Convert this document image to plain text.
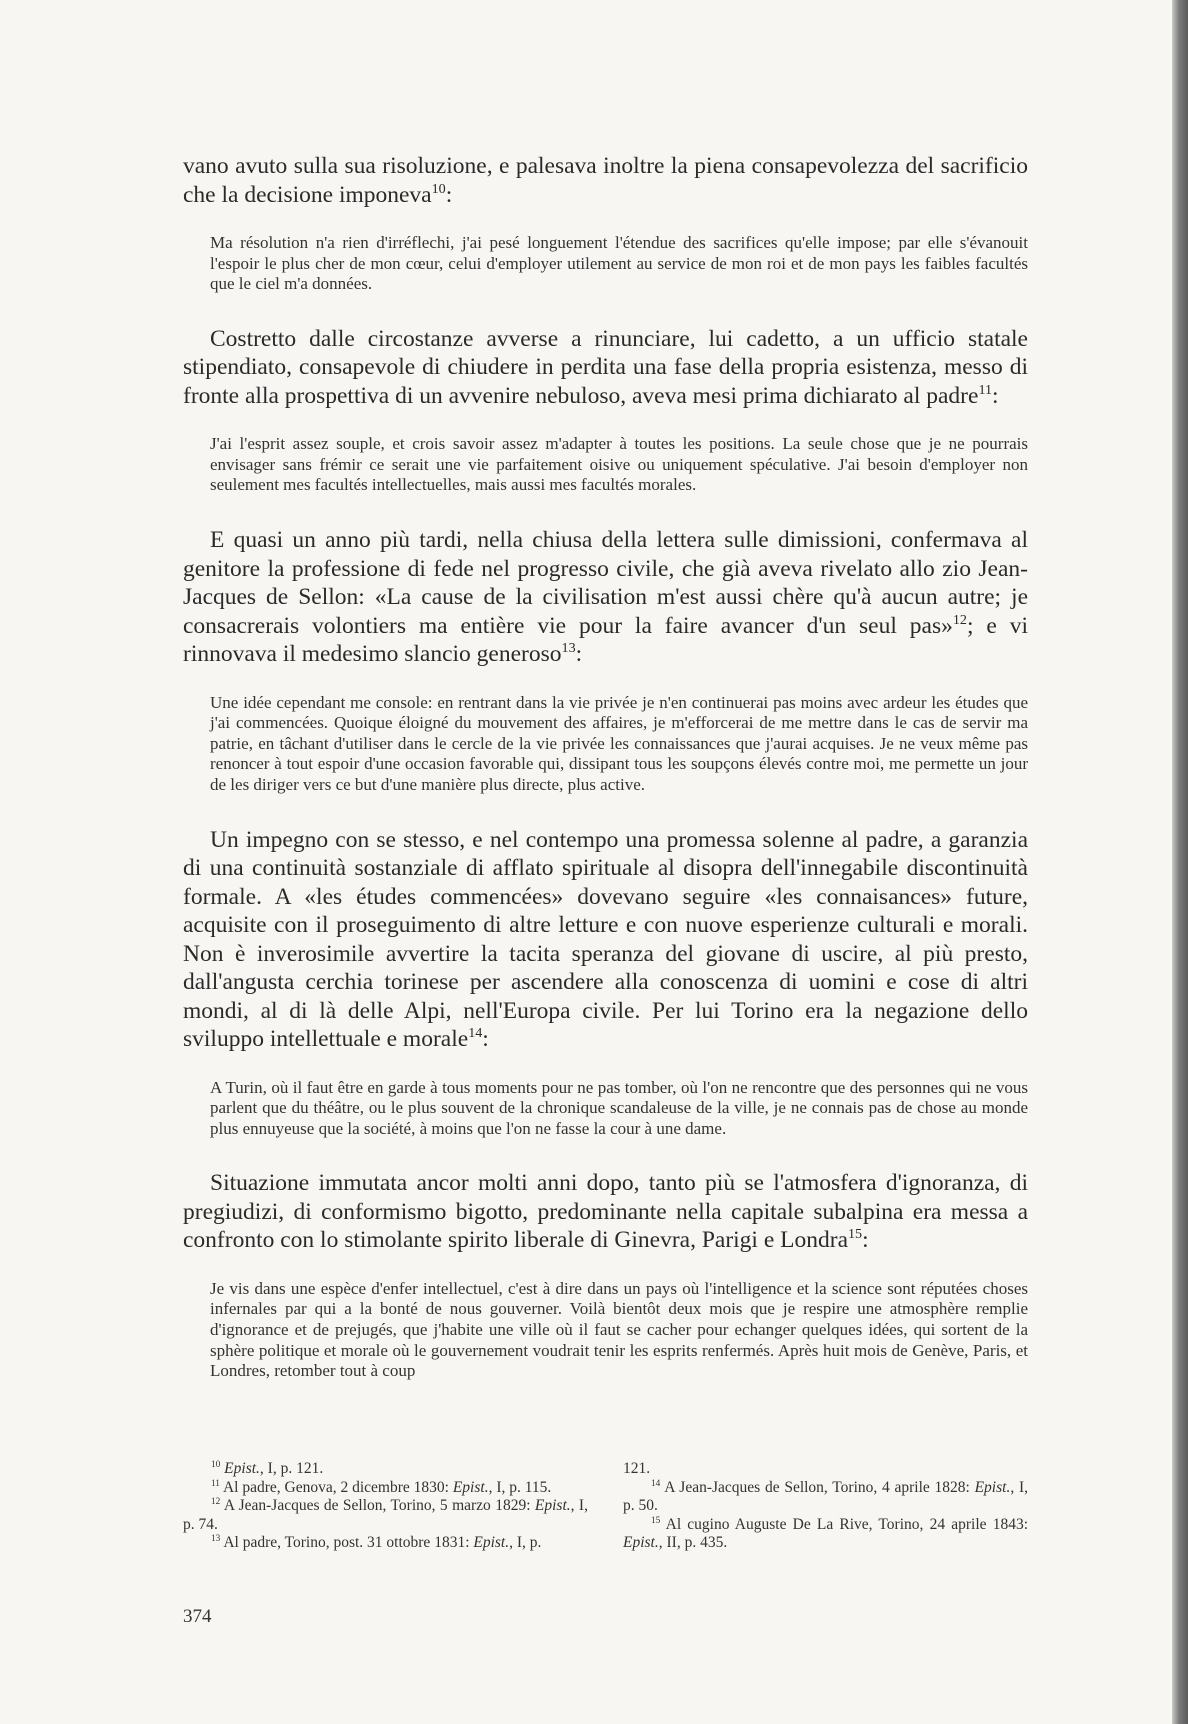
vano avuto sulla sua risoluzione, e palesava inoltre la piena consapevolezza del sacrificio che la decisione imponeva$^{10}$:

Ma résolution n'a rien d'irréflechi, j'ai pesé longuement l'étendue des sacrifices qu'elle impose; par elle s'évanouit l'espoir le plus cher de mon cœur, celui d'employer utilement au service de mon roi et de mon pays les faibles facultés que le ciel m'a données.

Costretto dalle circostanze avverse a rinunciare, lui cadetto, a un ufficio statale stipendiato, consapevole di chiudere in perdita una fase della propria esistenza, messo di fronte alla prospettiva di un avvenire nebuloso, aveva mesi prima dichiarato al padre$^{11}$:

J'ai l'esprit assez souple, et crois savoir assez m'adapter à toutes les positions. La seule chose que je ne pourrais envisager sans frémir ce serait une vie parfaitement oisive ou uniquement spéculative. J'ai besoin d'employer non seulement mes facultés intellectuelles, mais aussi mes facultés morales.

E quasi un anno più tardi, nella chiusa della lettera sulle dimissioni, confermava al genitore la professione di fede nel progresso civile, che già aveva rivelato allo zio Jean-Jacques de Sellon: «La cause de la civilisation m'est aussi chère qu'à aucun autre; je consacrerais volontiers ma entière vie pour la faire avancer d'un seul pas»$^{12}$; e vi rinnovava il medesimo slancio generoso$^{13}$:

Une idée cependant me console: en rentrant dans la vie privée je n'en continuerai pas moins avec ardeur les études que j'ai commencées. Quoique éloigné du mouvement des affaires, je m'efforcerai de me mettre dans le cas de servir ma patrie, en tâchant d'utiliser dans le cercle de la vie privée les connaissances que j'aurai acquises. Je ne veux même pas renoncer à tout espoir d'une occasion favorable qui, dissipant tous les soupçons élevés contre moi, me permette un jour de les diriger vers ce but d'une manière plus directe, plus active.

Un impegno con se stesso, e nel contempo una promessa solenne al padre, a garanzia di una continuità sostanziale di afflato spirituale al disopra dell'innegabile discontinuità formale. A «les études commencées» dovevano seguire «les connaisances» future, acquisite con il proseguimento di altre letture e con nuove esperienze culturali e morali. Non è inverosimile avvertire la tacita speranza del giovane di uscire, al più presto, dall'angusta cerchia torinese per ascendere alla conoscenza di uomini e cose di altri mondi, al di là delle Alpi, nell'Europa civile. Per lui Torino era la negazione dello sviluppo intellettuale e morale$^{14}$:

A Turin, où il faut être en garde à tous moments pour ne pas tomber, où l'on ne rencontre que des personnes qui ne vous parlent que du théâtre, ou le plus souvent de la chronique scandaleuse de la ville, je ne connais pas de chose au monde plus ennuyeuse que la société, à moins que l'on ne fasse la cour à une dame.

Situazione immutata ancor molti anni dopo, tanto più se l'atmosfera d'ignoranza, di pregiudizi, di conformismo bigotto, predominante nella capitale subalpina era messa a confronto con lo stimolante spirito liberale di Ginevra, Parigi e Londra$^{15}$:

Je vis dans une espèce d'enfer intellectuel, c'est à dire dans un pays où l'intelligence et la science sont réputées choses infernales par qui a la bonté de nous gouverner. Voilà bientôt deux mois que je respire une atmosphère remplie d'ignorance et de prejugés, que j'habite une ville où il faut se cacher pour echanger quelques idées, qui sortent de la sphère politique et morale où le gouvernement voudrait tenir les esprits renfermés. Après huit mois de Genève, Paris, et Londres, retomber tout à coup

$^{10}$ Epist., I, p. 121.

$^{11}$ Al padre, Genova, 2 dicembre 1830: Epist., I, p. 115.

$^{12}$ A Jean-Jacques de Sellon, Torino, 5 marzo 1829: Epist., I, p. 74.

$^{13}$ Al padre, Torino, post. 31 ottobre 1831: Epist., I, p.

121.

$^{14}$ A Jean-Jacques de Sellon, Torino, 4 aprile 1828: Epist., I, p. 50.

$^{15}$ Al cugino Auguste De La Rive, Torino, 24 aprile 1843: Epist., II, p. 435.

374
